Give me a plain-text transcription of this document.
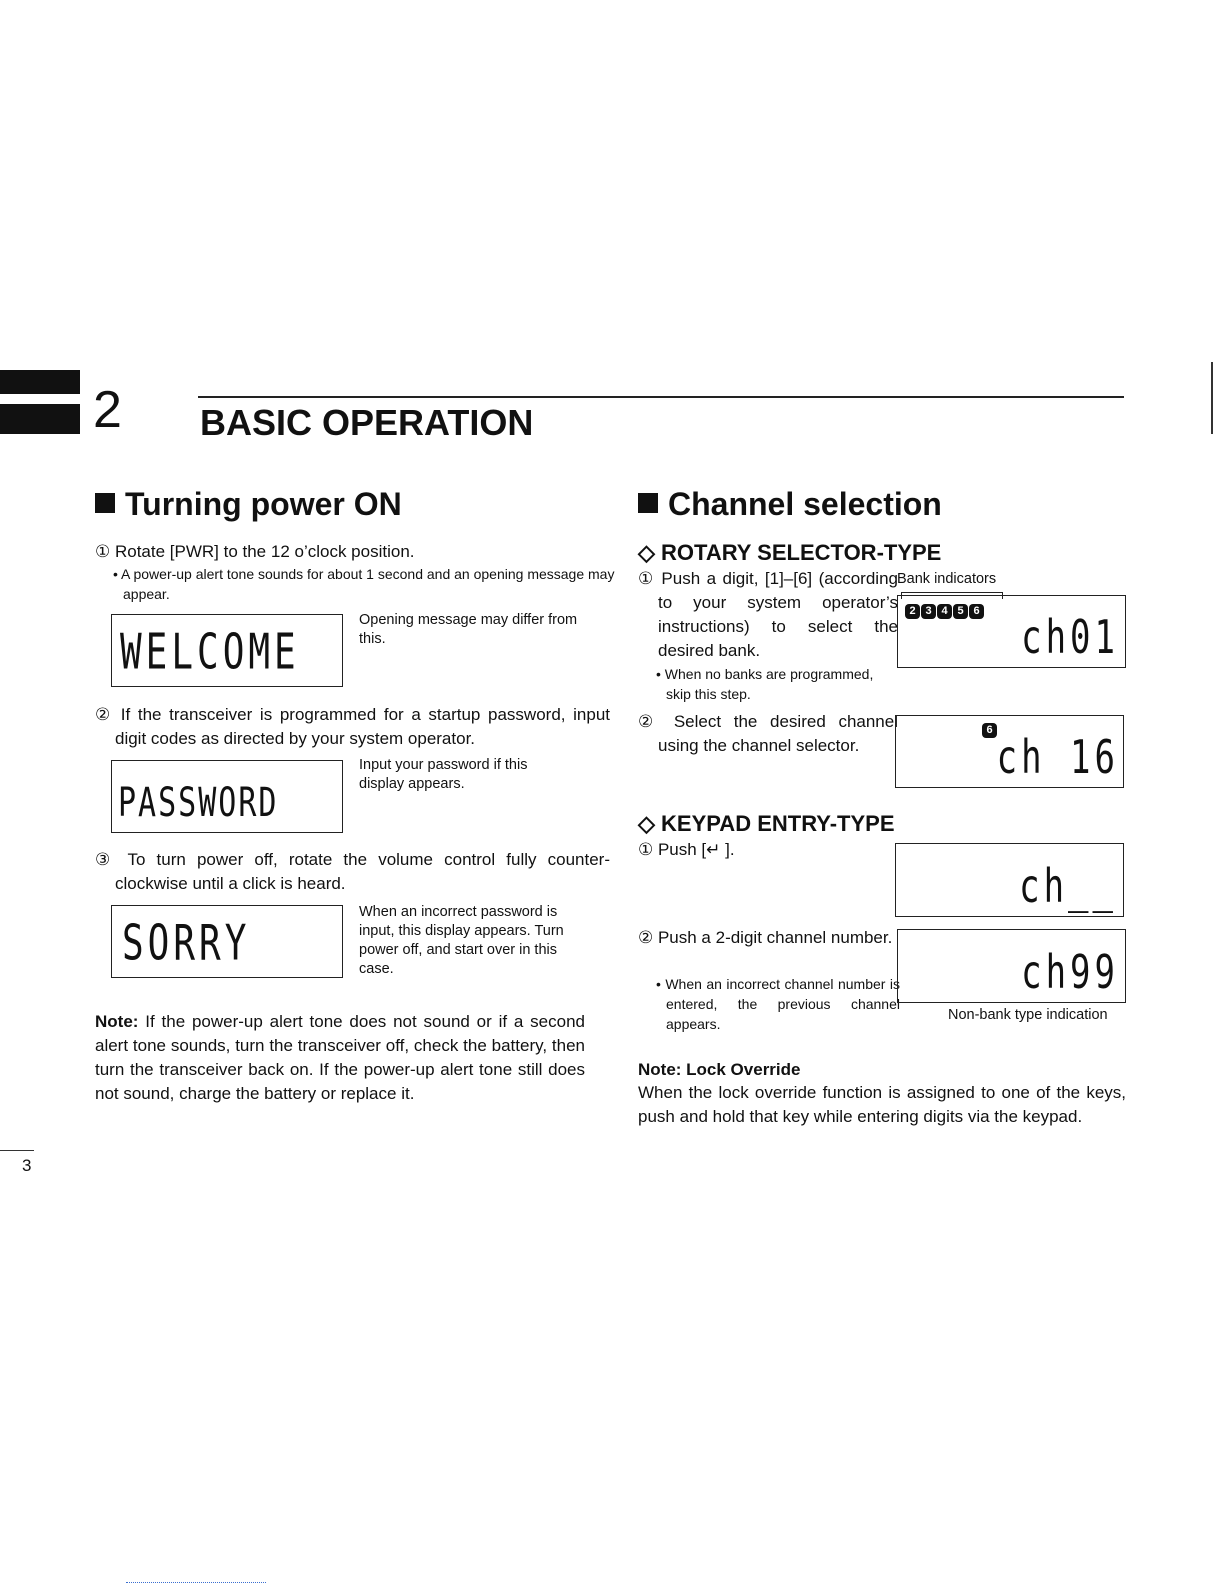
2 BASIC OPERATION
Turning power ON
① Rotate [PWR] to the 12 o’clock position.
• A power-up alert tone sounds for about 1 second and an opening message may appear.
WELCOME
Opening message may differ from this.
② If the transceiver is programmed for a startup password, input digit codes as directed by your system operator.
PASSWORD
Input your password if this display appears.
③ To turn power off, rotate the volume control fully counter-clockwise until a click is heard.
SORRY
When an incorrect password is input, this display appears. Turn power off, and start over in this case.
Note: If the power-up alert tone does not sound or if a second alert tone sounds, turn the transceiver off, check the battery, then turn the transceiver back on. If the power-up alert tone still does not sound, charge the battery or replace it.
3
Channel selection
◇ ROTARY SELECTOR-TYPE
① Push a digit, [1]–[6] (according to your system operator’s instructions) to select the desired bank.
• When no banks are programmed, skip this step.
Bank indicators
2 3 4 5 6
ch01
② Select the desired channel using the channel selector.
6
ch 16
◇ KEYPAD ENTRY-TYPE
① Push [↵ ].
ch__
② Push a 2-digit channel number.
• When an incorrect channel number is entered, the previous channel appears.
ch99
Non-bank type indication
Note: Lock Override
When the lock override function is assigned to one of the keys, push and hold that key while entering digits via the keypad.
